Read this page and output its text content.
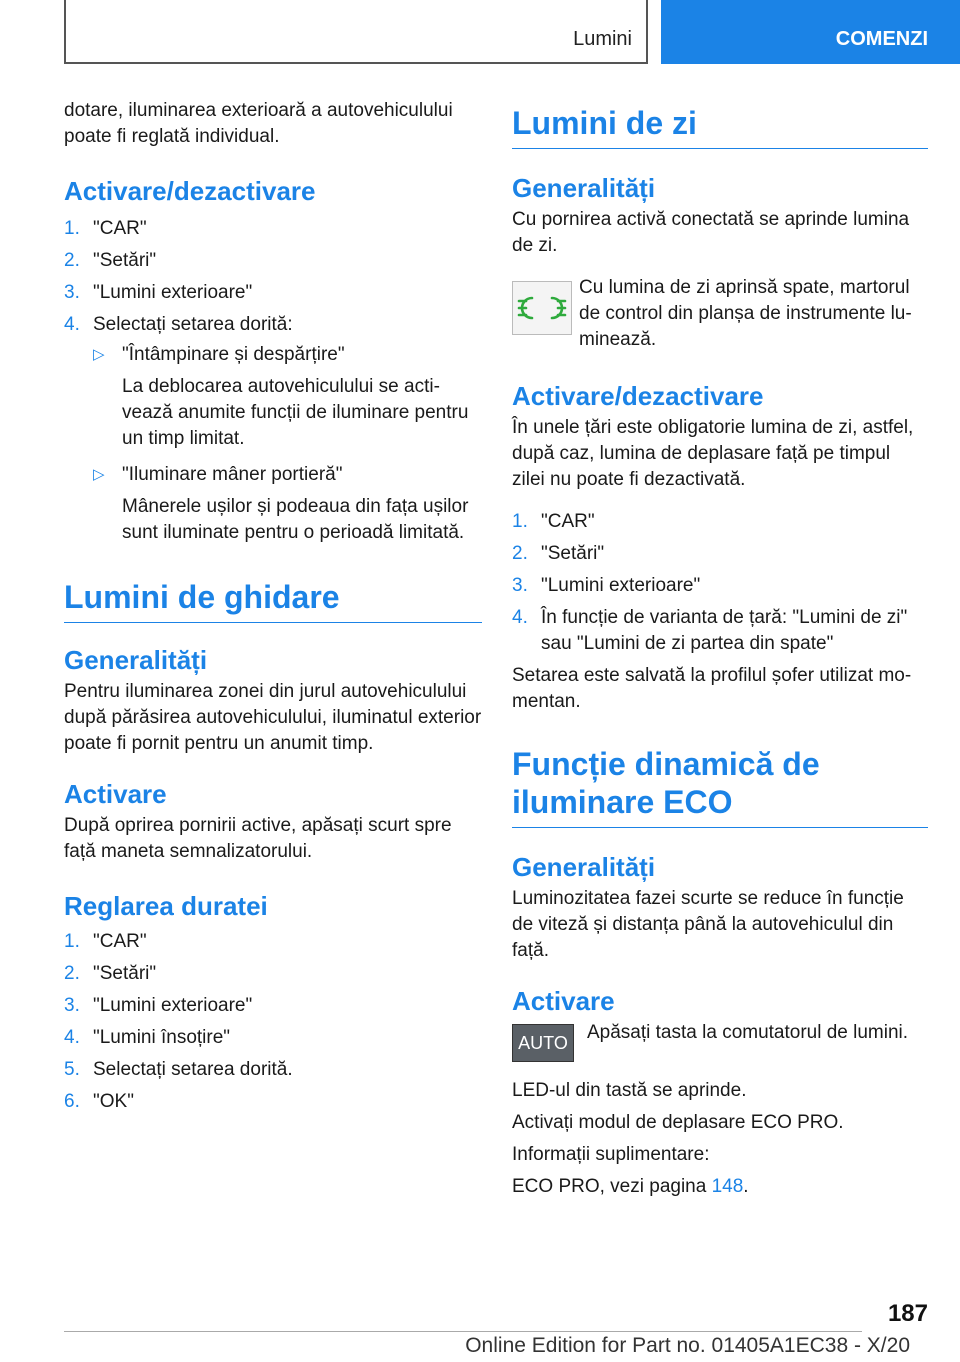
Lumini	COMENZI

dotare, iluminarea exterioară a autovehiculului poate fi reglată individual.

Activare/dezactivare
1. "CAR"
2. "Setări"
3. "Lumini exterioare"
4. Selectați setarea dorită:
▷ "Întâmpinare și despărțire"
La deblocarea autovehiculului se activează anumite funcții de iluminare pentru un timp limitat.
▷ "Iluminare mâner portieră"
Mânerele ușilor și podeaua din fața ușilor sunt iluminate pentru o perioadă limitată.
Lumini de ghidare
Generalități

Pentru iluminarea zonei din jurul autovehiculului după părăsirea autovehiculului, iluminatul exterior poate fi pornit pentru un anumit timp.

Activare

După oprirea pornirii active, apăsați scurt spre față maneta semnalizatorului.

Reglarea duratei
1. "CAR"
2. "Setări"
3. "Lumini exterioare"
4. "Lumini însoțire"
5. Selectați setarea dorită.
6. "OK"
Lumini de zi
Generalități

Cu pornirea activă conectată se aprinde lumina de zi.

Cu lumina de zi aprinsă spate, martorul de control din planșa de instrumente luminează.

Activare/dezactivare

În unele țări este obligatorie lumina de zi, astfel, după caz, lumina de deplasare față pe timpul zilei nu poate fi dezactivată.

1. "CAR"
2. "Setări"
3. "Lumini exterioare"
4. În funcție de varianta de țară: "Lumini de zi" sau "Lumini de zi partea din spate"

Setarea este salvată la profilul șofer utilizat momentan.

Funcție dinamică de iluminare ECO
Generalități

Luminozitatea fazei scurte se reduce în funcție de viteză și distanța până la autovehiculul din față.

Activare
AUTO	Apăsați tasta la comutatorul de lumini.

LED-ul din tastă se aprinde.

Activați modul de deplasare ECO PRO.

Informații suplimentare:

ECO PRO, vezi pagina 148.

187
Online Edition for Part no. 01405A1EC38 - X/20
